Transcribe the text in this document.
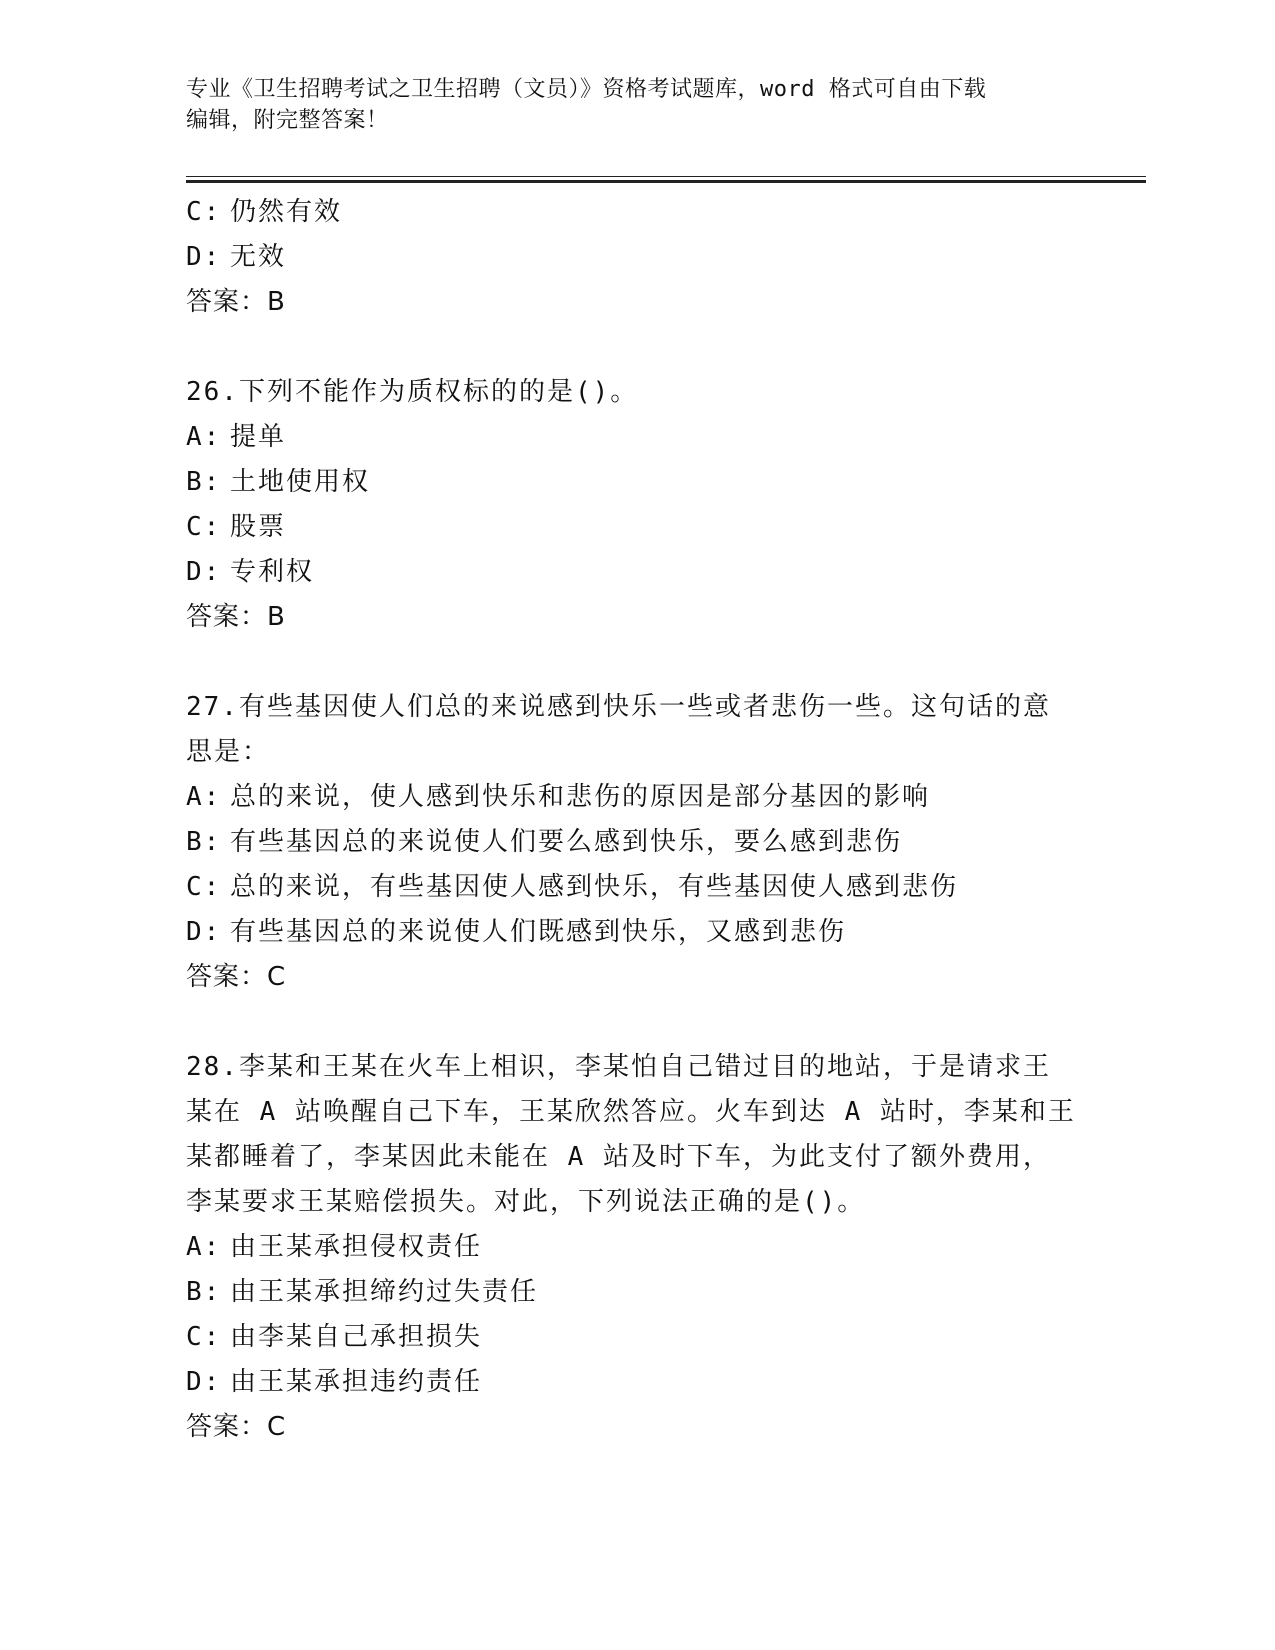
专业《卫生招聘考试之卫生招聘（文员）》资格考试题库，word 格式可自由下载
编辑，附完整答案！
C: 仍然有效
D: 无效
答案：B
26.下列不能作为质权标的的是()。
A: 提单
B: 土地使用权
C: 股票
D: 专利权
答案：B
27.有些基因使人们总的来说感到快乐一些或者悲伤一些。这句话的意
思是：
A: 总的来说，使人感到快乐和悲伤的原因是部分基因的影响
B: 有些基因总的来说使人们要么感到快乐，要么感到悲伤
C: 总的来说，有些基因使人感到快乐，有些基因使人感到悲伤
D: 有些基因总的来说使人们既感到快乐，又感到悲伤
答案：C
28.李某和王某在火车上相识，李某怕自己错过目的地站，于是请求王
某在 A 站唤醒自己下车，王某欣然答应。火车到达 A 站时，李某和王
某都睡着了，李某因此未能在 A 站及时下车，为此支付了额外费用，
李某要求王某赔偿损失。对此，下列说法正确的是()。
A: 由王某承担侵权责任
B: 由王某承担缔约过失责任
C: 由李某自己承担损失
D: 由王某承担违约责任
答案：C
